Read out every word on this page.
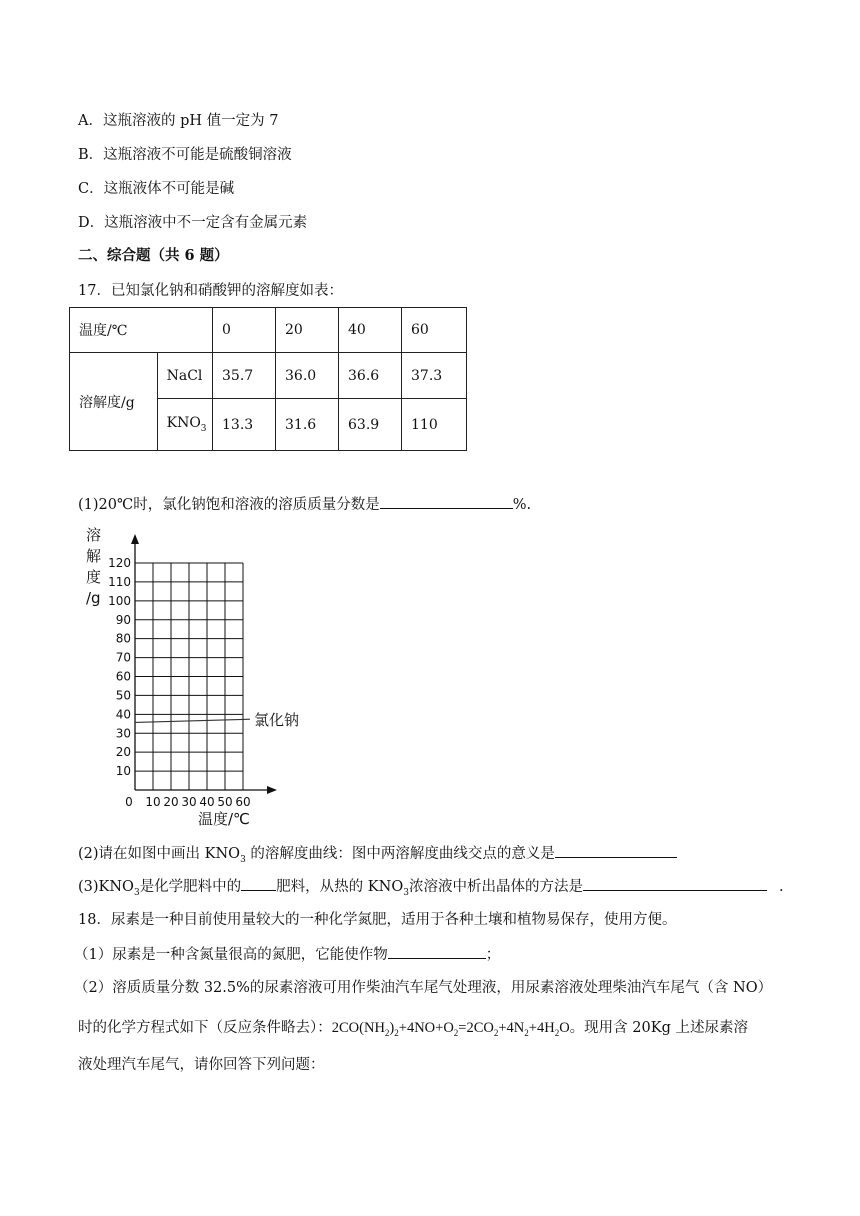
A．这瓶溶液的 pH 值一定为 7
B．这瓶溶液不可能是硫酸铜溶液
C．这瓶液体不可能是碱
D．这瓶溶液中不一定含有金属元素
二、综合题（共 6 题）
17．已知氯化钠和硝酸钾的溶解度如表：
温度/℃		0	20	40	60
溶解度/g	NaCl	35.7	36.0	36.6	37.3
	$KNO_3$	13.3	31.6	63.9	110
(1)20℃时，氯化钠饱和溶液的溶质质量分数是	%.
溶
解
度
/g
10
20
30
40
50
60
70
80
90
100
110
120
0 10 20 30 40 50 60
氯化钠
温度/℃
(2)请在如图中画出 $KNO_3$ 的溶解度曲线：图中两溶解度曲线交点的意义是
$(3)KNO_3$是化学肥料中的 肥料，从热的 $KNO_3$浓溶液中析出晶体的方法是	.
18．尿素是一种目前使用量较大的一种化学氮肥，适用于各种土壤和植物易保存，使用方便。
（1）尿素是一种含氮量很高的氮肥，它能使作物	；
（2）溶质质量分数 32.5%的尿素溶液可用作柴油汽车尾气处理液，用尿素溶液处理柴油汽车尾气（含 NO）
时的化学方程式如下（反应条件略去）：$2CO(NH_2)_2+4NO+O_2=2CO_2+4N_2+4H_2O$。现用含 20Kg 上述尿素溶
液处理汽车尾气，请你回答下列问题：
